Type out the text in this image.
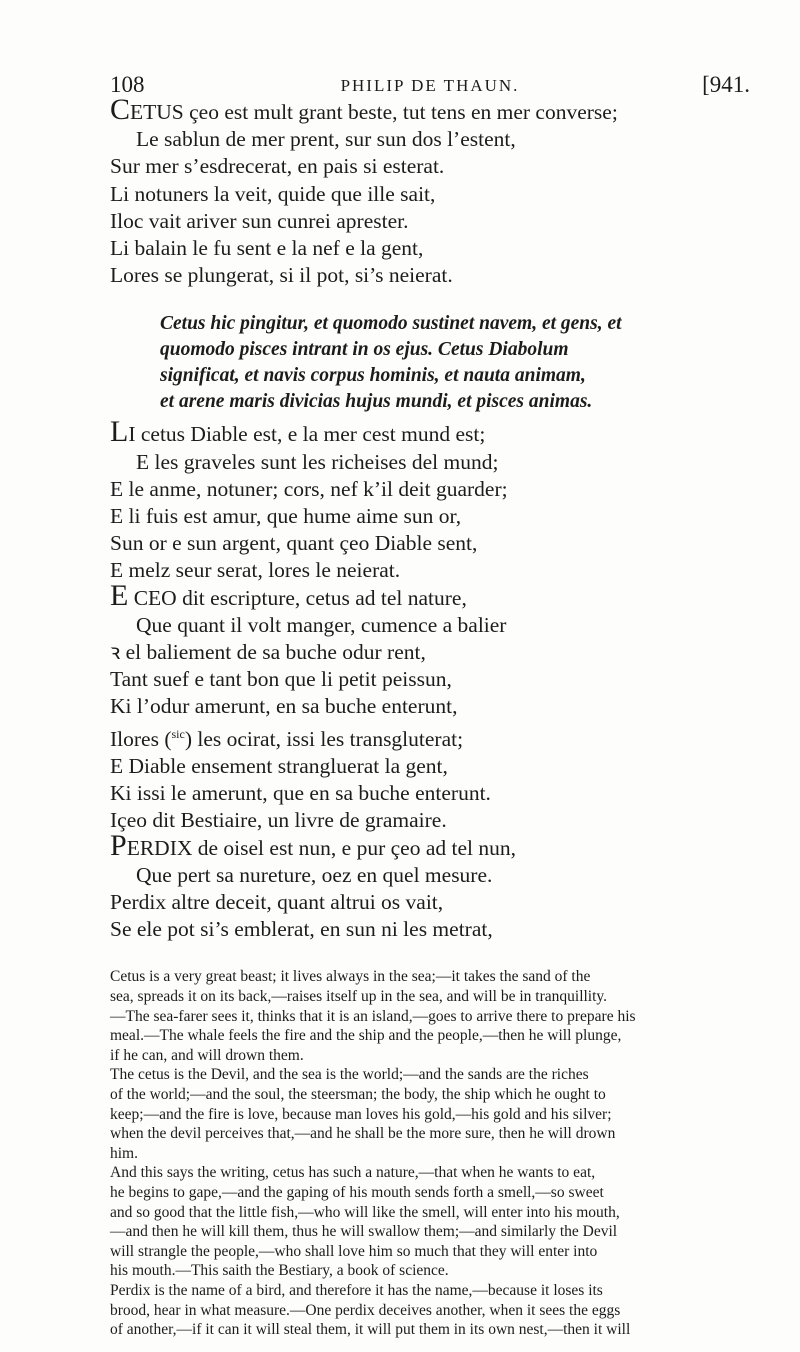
108	PHILIP DE THAUN.	[941.
CETUS çeo est mult grant beste, tut tens en mer converse;
Le sablun de mer prent, sur sun dos l’estent,
Sur mer s’esdrecerat, en pais si esterat.
Li notuners la veit, quide que ille sait,
Iloc vait ariver sun cunrei aprester.
Li balain le fu sent e la nef e la gent,
Lores se plungerat, si il pot, si’s neierat.
Cetus hic pingitur, et quomodo sustinet navem, et gens, et
quomodo pisces intrant in os ejus. Cetus Diabolum
significat, et navis corpus hominis, et nauta animam,
et arene maris divicias hujus mundi, et pisces animas.
LI cetus Diable est, e la mer cest mund est;
E les graveles sunt les richeises del mund;
E le anme, notuner; cors, nef k’il deit guarder;
E li fuis est amur, que hume aime sun or,
Sun or e sun argent, quant çeo Diable sent,
E melz seur serat, lores le neierat.
E CEO dit escripture, cetus ad tel nature,
Que quant il volt manger, cumence a balier
ꝛ el baliement de sa buche odur rent,
Tant suef e tant bon que li petit peissun,
Ki l’odur amerunt, en sa buche enterunt,
Ilores ($^{sic}$) les ocirat, issi les transgluterat;
E Diable ensement strangluerat la gent,
Ki issi le amerunt, que en sa buche enterunt.
Içeo dit Bestiaire, un livre de gramaire.
PERDIX de oisel est nun, e pur çeo ad tel nun,
Que pert sa nureture, oez en quel mesure.
Perdix altre deceit, quant altrui os vait,
Se ele pot si’s emblerat, en sun ni les metrat,

Cetus is a very great beast; it lives always in the sea;—it takes the sand of the
sea, spreads it on its back,—raises itself up in the sea, and will be in tranquillity.
—The sea-farer sees it, thinks that it is an island,—goes to arrive there to prepare his
meal.—The whale feels the fire and the ship and the people,—then he will plunge,
if he can, and will drown them.

The cetus is the Devil, and the sea is the world;—and the sands are the riches
of the world;—and the soul, the steersman; the body, the ship which he ought to
keep;—and the fire is love, because man loves his gold,—his gold and his silver;
when the devil perceives that,—and he shall be the more sure, then he will drown
him.

And this says the writing, cetus has such a nature,—that when he wants to eat,
he begins to gape,—and the gaping of his mouth sends forth a smell,—so sweet
and so good that the little fish,—who will like the smell, will enter into his mouth,
—and then he will kill them, thus he will swallow them;—and similarly the Devil
will strangle the people,—who shall love him so much that they will enter into
his mouth.—This saith the Bestiary, a book of science.

Perdix is the name of a bird, and therefore it has the name,—because it loses its
brood, hear in what measure.—One perdix deceives another, when it sees the eggs
of another,—if it can it will steal them, it will put them in its own nest,—then it will
